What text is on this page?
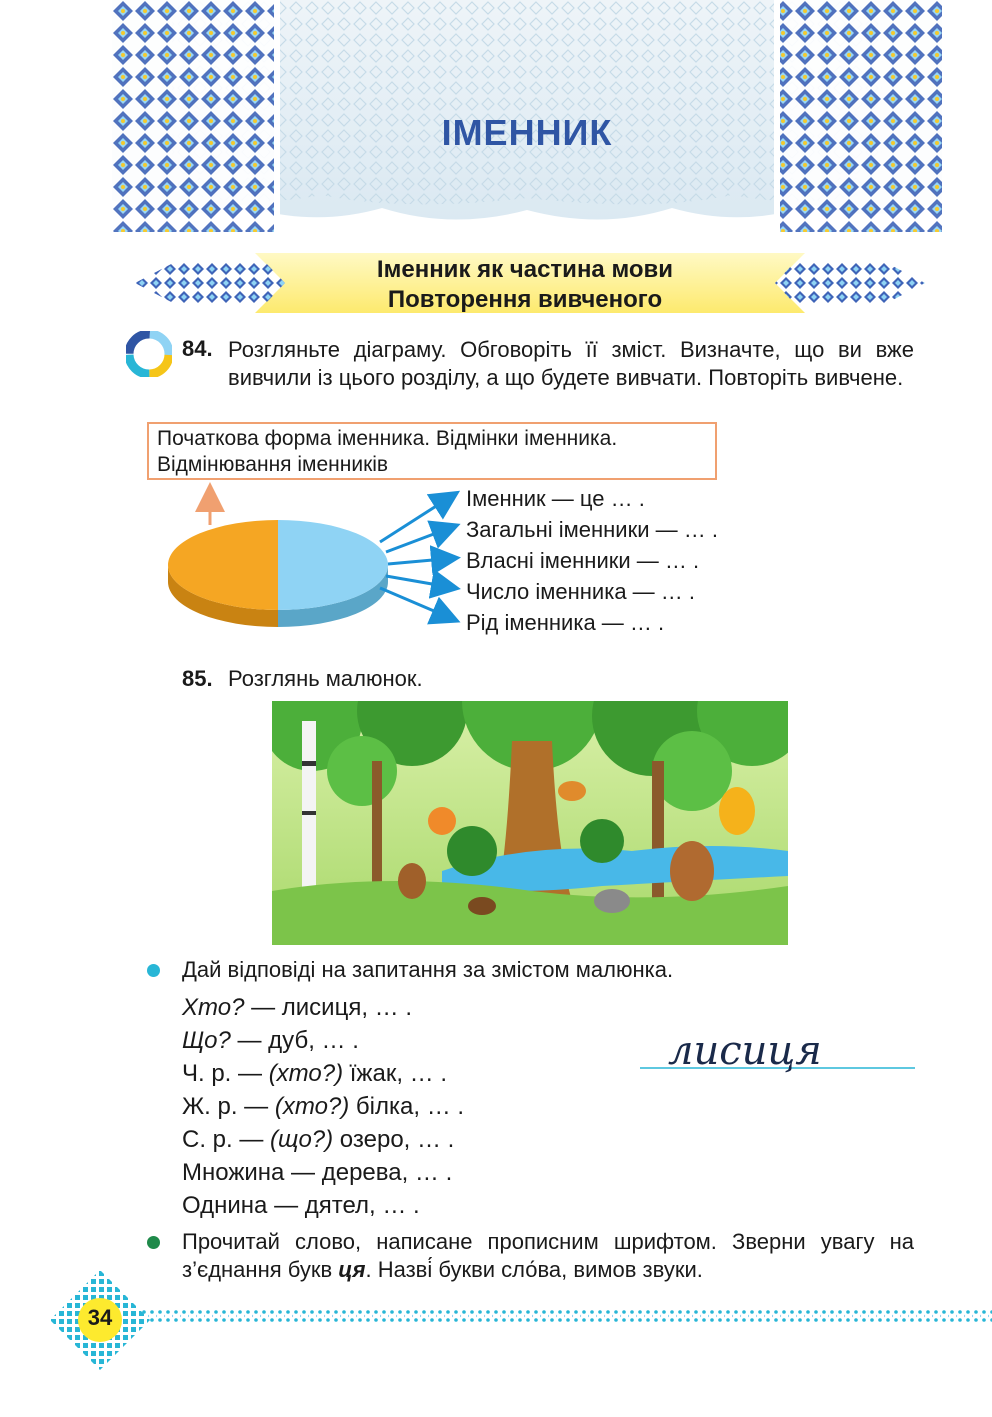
ІМЕННИК
Іменник як частина мови
Повторення вивченого
84. Розгляньте діаграму. Обговоріть її зміст. Визначте, що ви вже вивчили із цього розділу, а що будете вивчати. Повторіть вивчене.
Початкова форма іменника. Відмінки іменника.
Відмінювання іменників
Іменник — це … .
Загальні іменники — … .
Власні іменники — … .
Число іменника — … .
Рід іменника — … .
85. Розглянь малюнок.
Дай відповіді на запитання за змістом малюнка.
Хто? — лисиця, … .
Що? — дуб, … .
Ч. р. — (хто?) їжак, … .
Ж. р. — (хто?) білка, … .
С. р. — (що?) озеро, … .
Множина — дерева, … .
Однина — дятел, … .
лисиця
Прочитай слово, написане прописним шрифтом. Зверни увагу на з’єднання букв ця. Назві́ букви сло́ва, вимов звуки.
34
